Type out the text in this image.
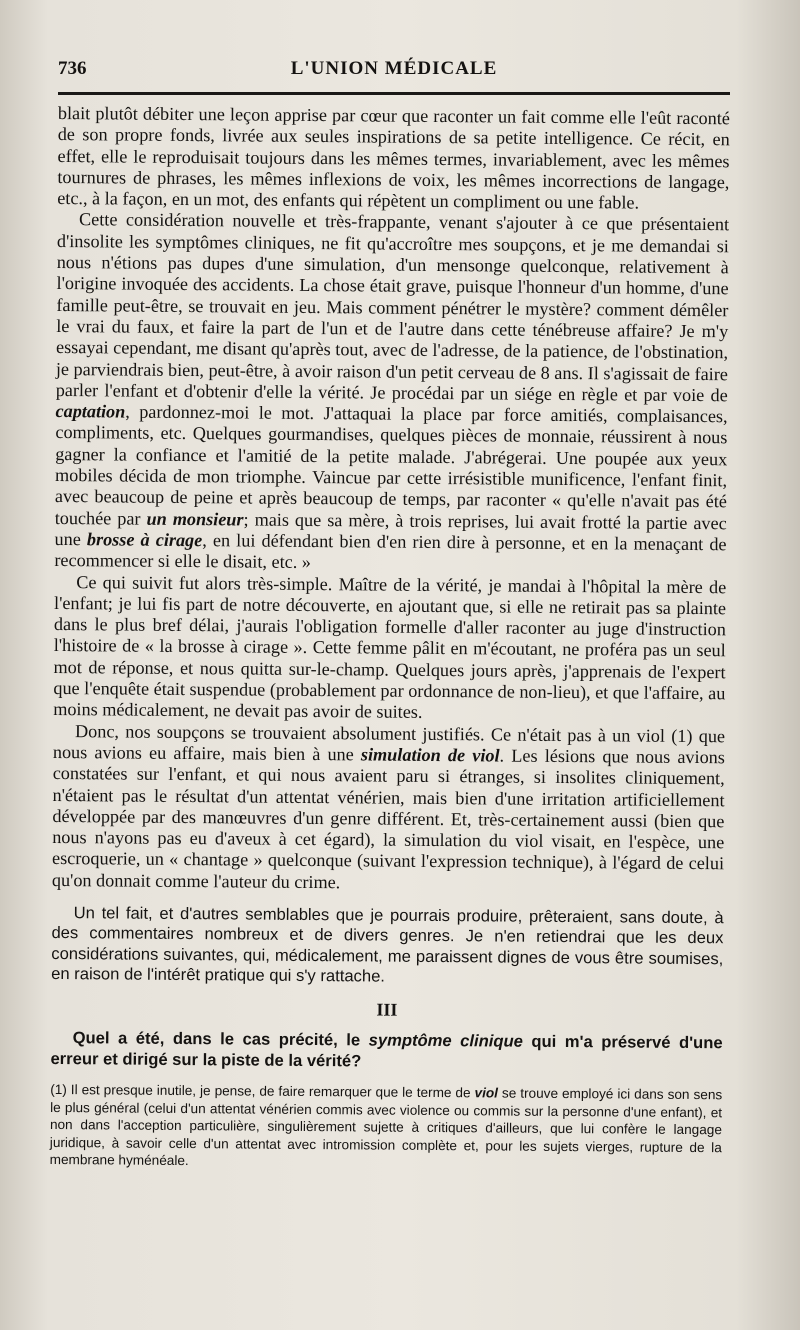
736	L'UNION MÉDICALE

blait plutôt débiter une leçon apprise par cœur que raconter un fait comme elle l'eût raconté de son propre fonds, livrée aux seules inspirations de sa petite intelligence. Ce récit, en effet, elle le reproduisait toujours dans les mêmes termes, invariablement, avec les mêmes tournures de phrases, les mêmes inflexions de voix, les mêmes incorrections de langage, etc., à la façon, en un mot, des enfants qui répètent un compliment ou une fable.

Cette considération nouvelle et très-frappante, venant s'ajouter à ce que présentaient d'insolite les symptômes cliniques, ne fit qu'accroître mes soupçons, et je me demandai si nous n'étions pas dupes d'une simulation, d'un mensonge quelconque, relativement à l'origine invoquée des accidents. La chose était grave, puisque l'honneur d'un homme, d'une famille peut-être, se trouvait en jeu. Mais comment pénétrer le mystère? comment démêler le vrai du faux, et faire la part de l'un et de l'autre dans cette ténébreuse affaire? Je m'y essayai cependant, me disant qu'après tout, avec de l'adresse, de la patience, de l'obstination, je parviendrais bien, peut-être, à avoir raison d'un petit cerveau de 8 ans. Il s'agissait de faire parler l'enfant et d'obtenir d'elle la vérité. Je procédai par un siége en règle et par voie de captation, pardonnez-moi le mot. J'attaquai la place par force amitiés, complaisances, compliments, etc. Quelques gourmandises, quelques pièces de monnaie, réussirent à nous gagner la confiance et l'amitié de la petite malade. J'abrégerai. Une poupée aux yeux mobiles décida de mon triomphe. Vaincue par cette irrésistible munificence, l'enfant finit, avec beaucoup de peine et après beaucoup de temps, par raconter « qu'elle n'avait pas été touchée par un monsieur; mais que sa mère, à trois reprises, lui avait frotté la partie avec une brosse à cirage, en lui défendant bien d'en rien dire à personne, et en la menaçant de recommencer si elle le disait, etc. »

Ce qui suivit fut alors très-simple. Maître de la vérité, je mandai à l'hôpital la mère de l'enfant; je lui fis part de notre découverte, en ajoutant que, si elle ne retirait pas sa plainte dans le plus bref délai, j'aurais l'obligation formelle d'aller raconter au juge d'instruction l'histoire de « la brosse à cirage ». Cette femme pâlit en m'écoutant, ne proféra pas un seul mot de réponse, et nous quitta sur-le-champ. Quelques jours après, j'apprenais de l'expert que l'enquête était suspendue (probablement par ordonnance de non-lieu), et que l'affaire, au moins médicalement, ne devait pas avoir de suites.

Donc, nos soupçons se trouvaient absolument justifiés. Ce n'était pas à un viol (1) que nous avions eu affaire, mais bien à une simulation de viol. Les lésions que nous avions constatées sur l'enfant, et qui nous avaient paru si étranges, si insolites cliniquement, n'étaient pas le résultat d'un attentat vénérien, mais bien d'une irritation artificiellement développée par des manœuvres d'un genre différent. Et, très-certainement aussi (bien que nous n'ayons pas eu d'aveux à cet égard), la simulation du viol visait, en l'espèce, une escroquerie, un « chantage » quelconque (suivant l'expression technique), à l'égard de celui qu'on donnait comme l'auteur du crime.

Un tel fait, et d'autres semblables que je pourrais produire, prêteraient, sans doute, à des commentaires nombreux et de divers genres. Je n'en retiendrai que les deux considérations suivantes, qui, médicalement, me paraissent dignes de vous être soumises, en raison de l'intérêt pratique qui s'y rattache.

III

Quel a été, dans le cas précité, le symptôme clinique qui m'a préservé d'une erreur et dirigé sur la piste de la vérité?

(1) Il est presque inutile, je pense, de faire remarquer que le terme de viol se trouve employé ici dans son sens le plus général (celui d'un attentat vénérien commis avec violence ou commis sur la personne d'une enfant), et non dans l'acception particulière, singulièrement sujette à critiques d'ailleurs, que lui confère le langage juridique, à savoir celle d'un attentat avec intromission complète et, pour les sujets vierges, rupture de la membrane hyménéale.
